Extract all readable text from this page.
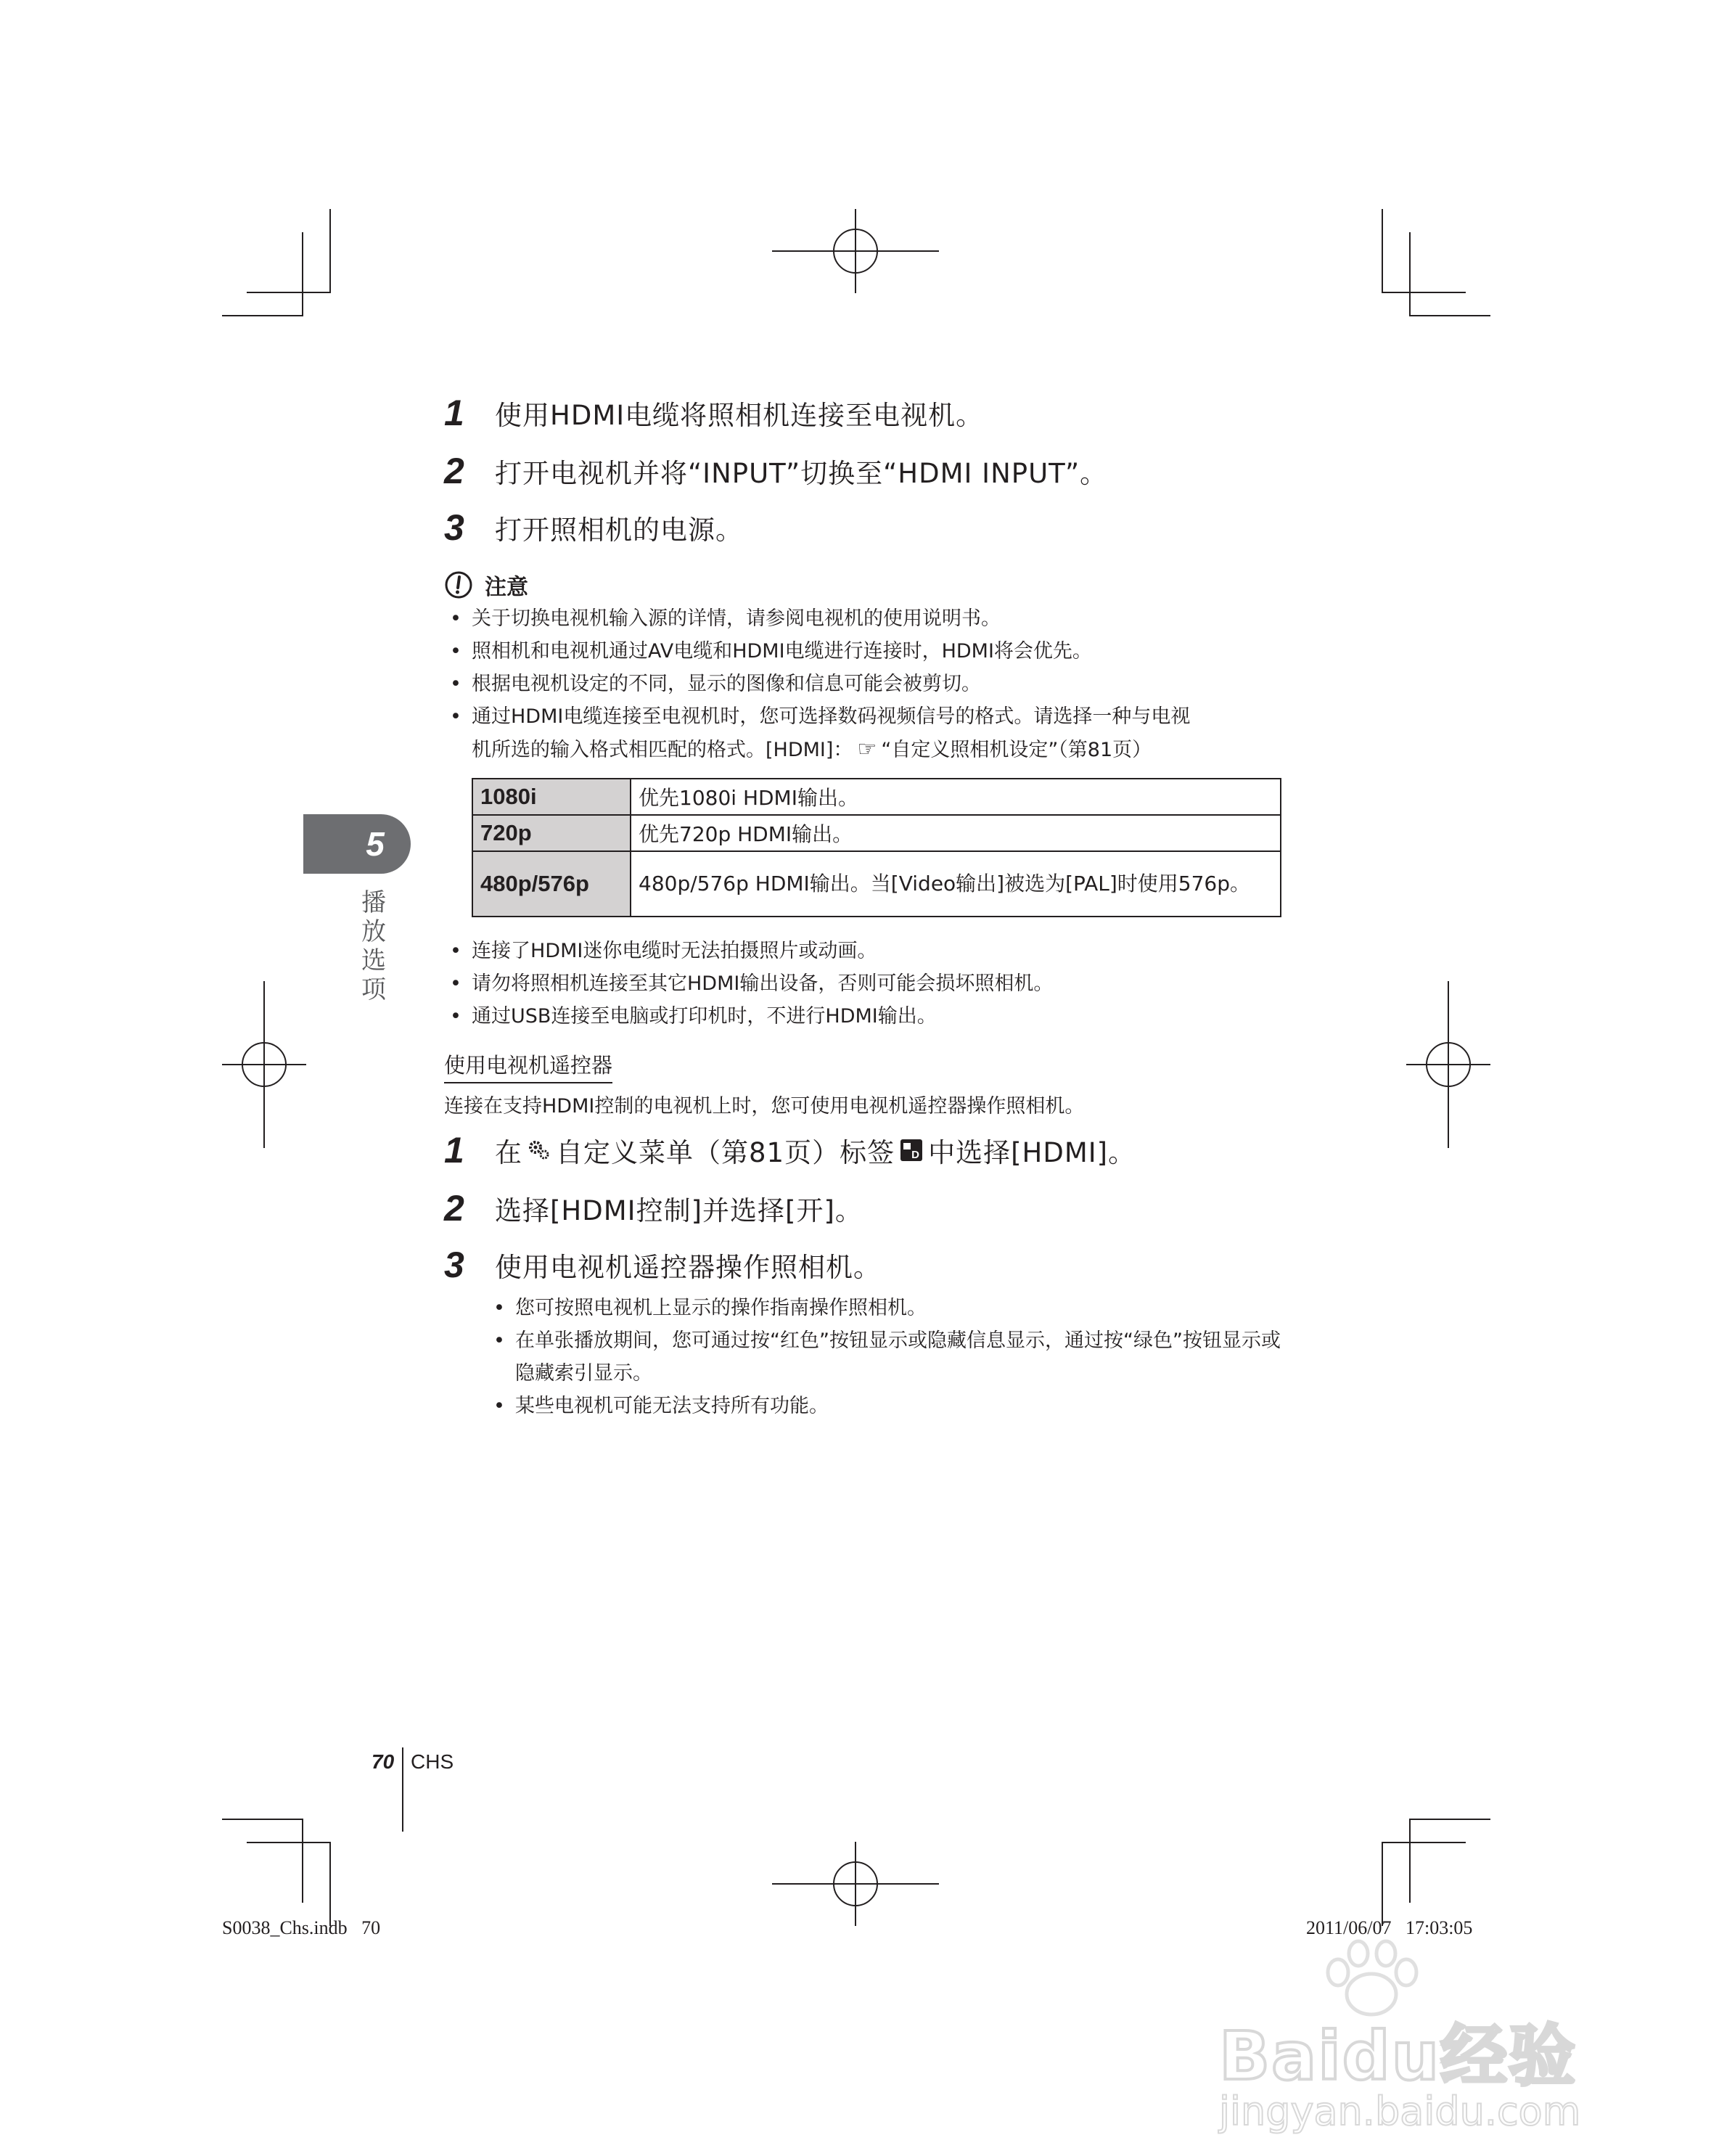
1	使用HDMI电缆将照相机连接至电视机。
2	打开电视机并将“INPUT”切换至“HDMI INPUT”。
3	打开照相机的电源。
注意
• 关于切换电视机输入源的详情，请参阅电视机的使用说明书。
• 照相机和电视机通过AV电缆和HDMI电缆进行连接时，HDMI将会优先。
• 根据电视机设定的不同，显示的图像和信息可能会被剪切。
• 通过HDMI电缆连接至电视机时，您可选择数码视频信号的格式。请选择一种与电视
机所选的输入格式相匹配的格式。[HDMI]： ☞ “自定义照相机设定”（第81页）
1080i	优先1080i HDMI输出。
720p	优先720p HDMI输出。
480p/576p	480p/576p HDMI输出。当[Video输出]被选为[PAL]时使用576p。
• 连接了HDMI迷你电缆时无法拍摄照片或动画。
• 请勿将照相机连接至其它HDMI输出设备，否则可能会损坏照相机。
• 通过USB连接至电脑或打印机时，不进行HDMI输出。
使用电视机遥控器
连接在支持HDMI控制的电视机上时，您可使用电视机遥控器操作照相机。
1	在 自定义菜单（第81页）标签 D 中选择[HDMI]。
2	选择[HDMI控制]并选择[开]。
3	使用电视机遥控器操作照相机。
• 您可按照电视机上显示的操作指南操作照相机。
• 在单张播放期间，您可通过按“红色”按钮显示或隐藏信息显示，通过按“绿色”按钮显示或隐藏索引显示。
• 某些电视机可能无法支持所有功能。
5
播放选项
70 CHS
S0038_Chs.indb   70	2011/06/07   17:03:05
Baidu经验
jingyan.baidu.com
